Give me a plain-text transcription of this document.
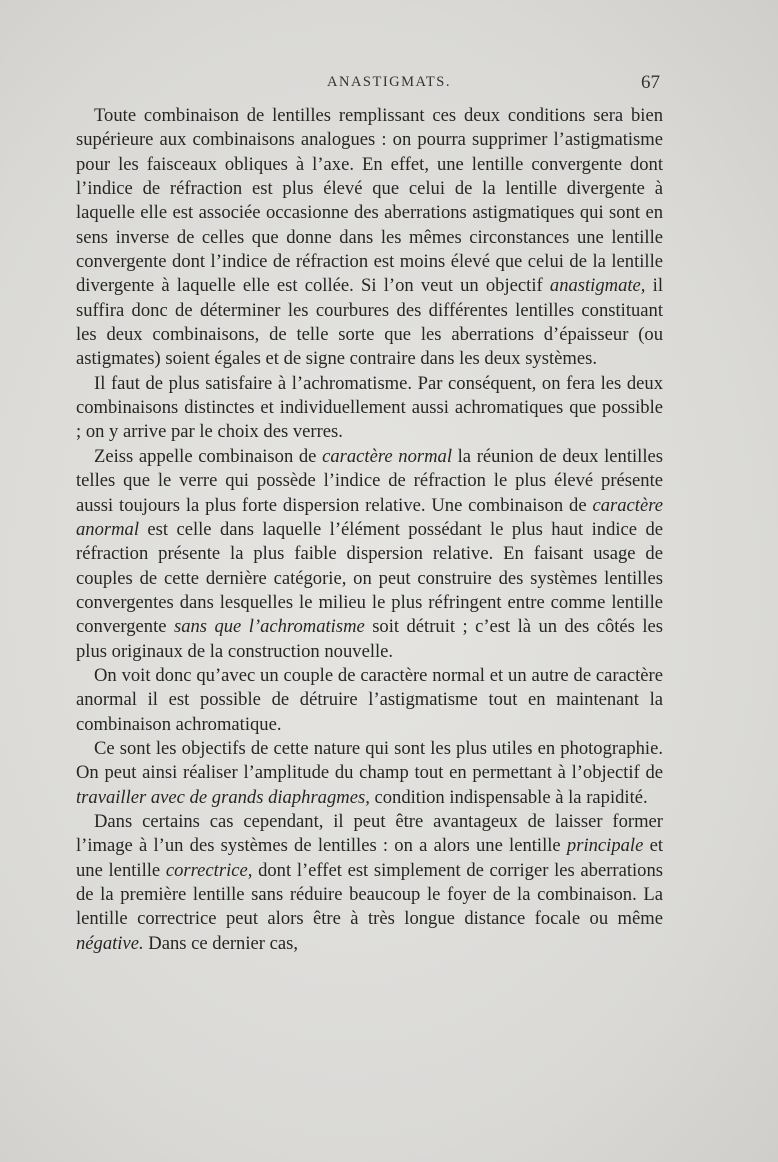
ANASTIGMATS.	67

Toute combinaison de lentilles remplissant ces deux conditions sera bien supérieure aux combinaisons analogues : on pourra supprimer l’astigmatisme pour les faisceaux obliques à l’axe. En effet, une lentille convergente dont l’indice de réfraction est plus élevé que celui de la lentille divergente à laquelle elle est associée occasionne des aberrations astigmatiques qui sont en sens inverse de celles que donne dans les mêmes circonstances une lentille convergente dont l’indice de réfraction est moins élevé que celui de la lentille divergente à laquelle elle est collée. Si l’on veut un objectif anastigmate, il suffira donc de déterminer les courbures des différentes lentilles constituant les deux combinaisons, de telle sorte que les aberrations d’épaisseur (ou astigmates) soient égales et de signe contraire dans les deux systèmes.

Il faut de plus satisfaire à l’achromatisme. Par conséquent, on fera les deux combinaisons distinctes et individuellement aussi achromatiques que possible ; on y arrive par le choix des verres.

Zeiss appelle combinaison de caractère normal la réunion de deux lentilles telles que le verre qui possède l’indice de réfraction le plus élevé présente aussi toujours la plus forte dispersion relative. Une combinaison de caractère anormal est celle dans laquelle l’élément possédant le plus haut indice de réfraction présente la plus faible dispersion relative. En faisant usage de couples de cette dernière catégorie, on peut construire des systèmes lentilles convergentes dans lesquelles le milieu le plus réfringent entre comme lentille convergente sans que l’achromatisme soit détruit ; c’est là un des côtés les plus originaux de la construction nouvelle.

On voit donc qu’avec un couple de caractère normal et un autre de caractère anormal il est possible de détruire l’astigmatisme tout en maintenant la combinaison achromatique.

Ce sont les objectifs de cette nature qui sont les plus utiles en photographie. On peut ainsi réaliser l’amplitude du champ tout en permettant à l’objectif de travailler avec de grands diaphragmes, condition indispensable à la rapidité.

Dans certains cas cependant, il peut être avantageux de laisser former l’image à l’un des systèmes de lentilles : on a alors une lentille principale et une lentille correctrice, dont l’effet est simplement de corriger les aberrations de la première lentille sans réduire beaucoup le foyer de la combinaison. La lentille correctrice peut alors être à très longue distance focale ou même négative. Dans ce dernier cas,
